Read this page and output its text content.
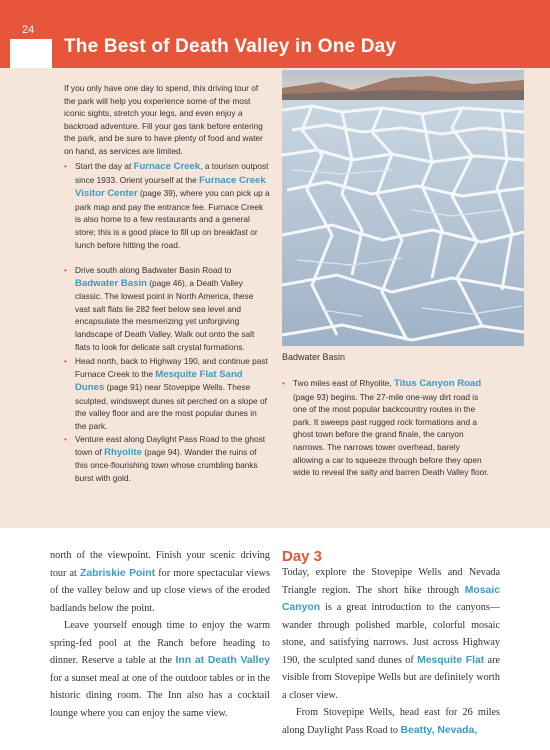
24
The Best of Death Valley in One Day
Badwater Basin
If you only have one day to spend, this driving tour of the park will help you experience some of the most iconic sights, stretch your legs, and even enjoy a backroad adventure. Fill your gas tank before entering the park, and be sure to have plenty of food and water on hand, as services are limited.
• Start the day at Furnace Creek, a tourism outpost since 1933. Orient yourself at the Furnace Creek Visitor Center (page 39), where you can pick up a park map and pay the entrance fee. Furnace Creek is also home to a few restaurants and a general store; this is a good place to fill up on breakfast or lunch before hitting the road.
• Drive south along Badwater Basin Road to Badwater Basin (page 46), a Death Valley classic. The lowest point in North America, these vast salt flats lie 282 feet below sea level and encapsulate the mesmerizing yet unforgiving landscape of Death Valley. Walk out onto the salt flats to look for delicate salt crystal formations.
• Head north, back to Highway 190, and continue past Furnace Creek to the Mesquite Flat Sand Dunes (page 91) near Stovepipe Wells. These sculpted, windswept dunes sit perched on a slope of the valley floor and are the most popular dunes in the park.
• Venture east along Daylight Pass Road to the ghost town of Rhyolite (page 94). Wander the ruins of this once-flourishing town whose crumbling banks burst with gold.
• Two miles east of Rhyolite, Titus Canyon Road (page 93) begins. The 27-mile one-way dirt road is one of the most popular backcountry routes in the park. It sweeps past rugged rock formations and a ghost town before the grand finale, the canyon narrows. The narrows tower overhead, barely allowing a car to squeeze through before they open wide to reveal the salty and barren Death Valley floor.
north of the viewpoint. Finish your scenic driving tour at Zabriskie Point for more spectacular views of the valley below and up close views of the eroded badlands below the point.
Leave yourself enough time to enjoy the warm spring-fed pool at the Ranch before heading to dinner. Reserve a table at the Inn at Death Valley for a sunset meal at one of the outdoor tables or in the historic dining room. The Inn also has a cocktail lounge where you can enjoy the same view.
Day 3
Today, explore the Stovepipe Wells and Nevada Triangle region. The short hike through Mosaic Canyon is a great introduction to the canyons—wander through polished marble, colorful mosaic stone, and satisfying narrows. Just across Highway 190, the sculpted sand dunes of Mesquite Flat are visible from Stovepipe Wells but are definitely worth a closer view.
From Stovepipe Wells, head east for 26 miles along Daylight Pass Road to Beatty, Nevada,
